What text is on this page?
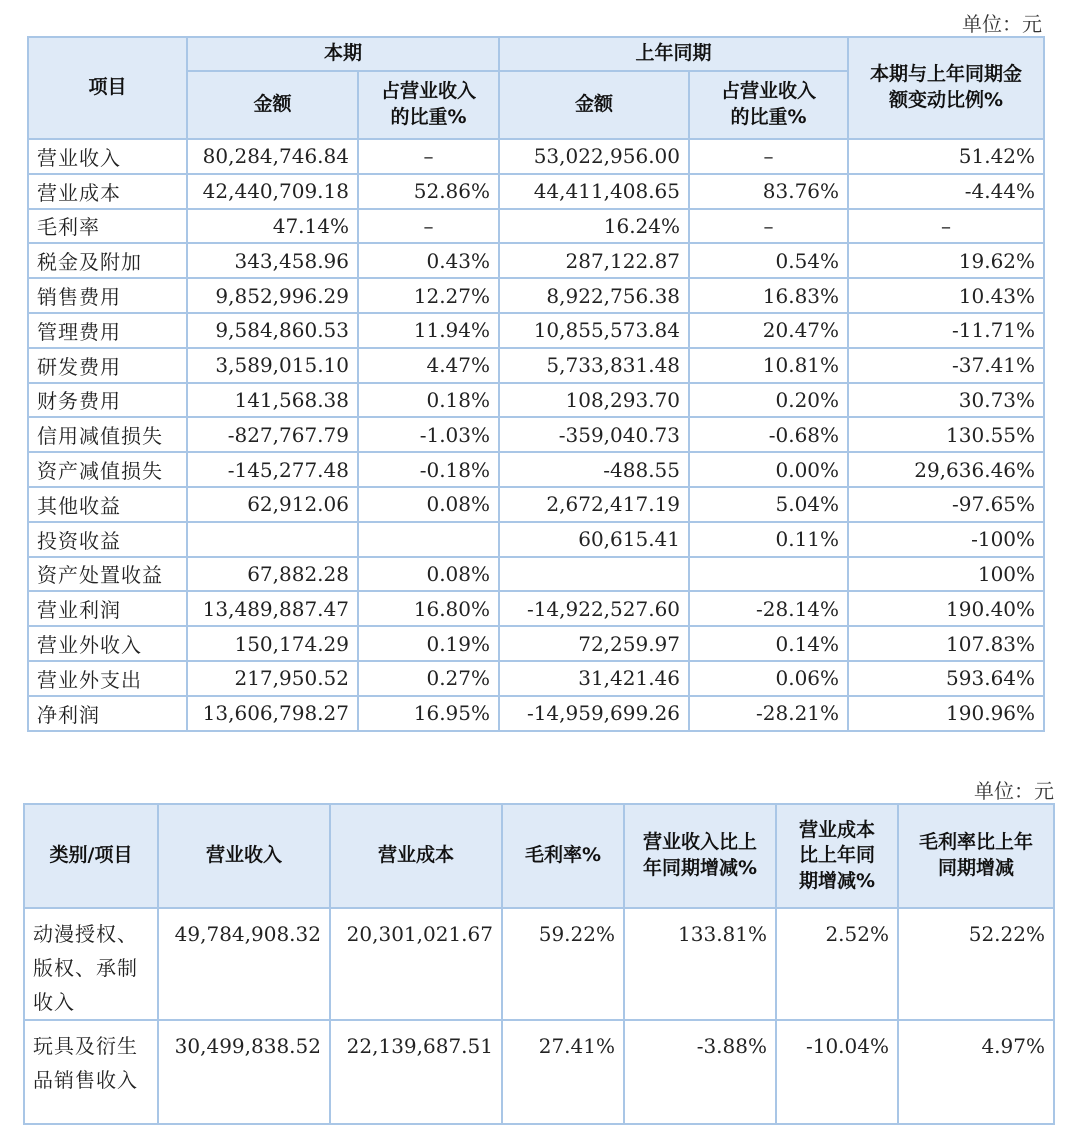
单位：元
项目	本期		上年同期		本期与上年同期金额变动比例%
	金额	占营业收入的比重%	金额	占营业收入的比重%	
营业收入	80,284,746.84	–	53,022,956.00	–	51.42%
营业成本	42,440,709.18	52.86%	44,411,408.65	83.76%	-4.44%
毛利率	47.14%	–	16.24%	–	–
税金及附加	343,458.96	0.43%	287,122.87	0.54%	19.62%
销售费用	9,852,996.29	12.27%	8,922,756.38	16.83%	10.43%
管理费用	9,584,860.53	11.94%	10,855,573.84	20.47%	-11.71%
研发费用	3,589,015.10	4.47%	5,733,831.48	10.81%	-37.41%
财务费用	141,568.38	0.18%	108,293.70	0.20%	30.73%
信用减值损失	-827,767.79	-1.03%	-359,040.73	-0.68%	130.55%
资产减值损失	-145,277.48	-0.18%	-488.55	0.00%	29,636.46%
其他收益	62,912.06	0.08%	2,672,417.19	5.04%	-97.65%
投资收益			60,615.41	0.11%	-100%
资产处置收益	67,882.28	0.08%			100%
营业利润	13,489,887.47	16.80%	-14,922,527.60	-28.14%	190.40%
营业外收入	150,174.29	0.19%	72,259.97	0.14%	107.83%
营业外支出	217,950.52	0.27%	31,421.46	0.06%	593.64%
净利润	13,606,798.27	16.95%	-14,959,699.26	-28.21%	190.96%
单位：元
类别/项目	营业收入	营业成本	毛利率%	营业收入比上年同期增减%	营业成本比上年同期增减%	毛利率比上年同期增减
动漫授权、版权、承制收入	49,784,908.32	20,301,021.67	59.22%	133.81%	2.52%	52.22%
玩具及衍生品销售收入	30,499,838.52	22,139,687.51	27.41%	-3.88%	-10.04%	4.97%
